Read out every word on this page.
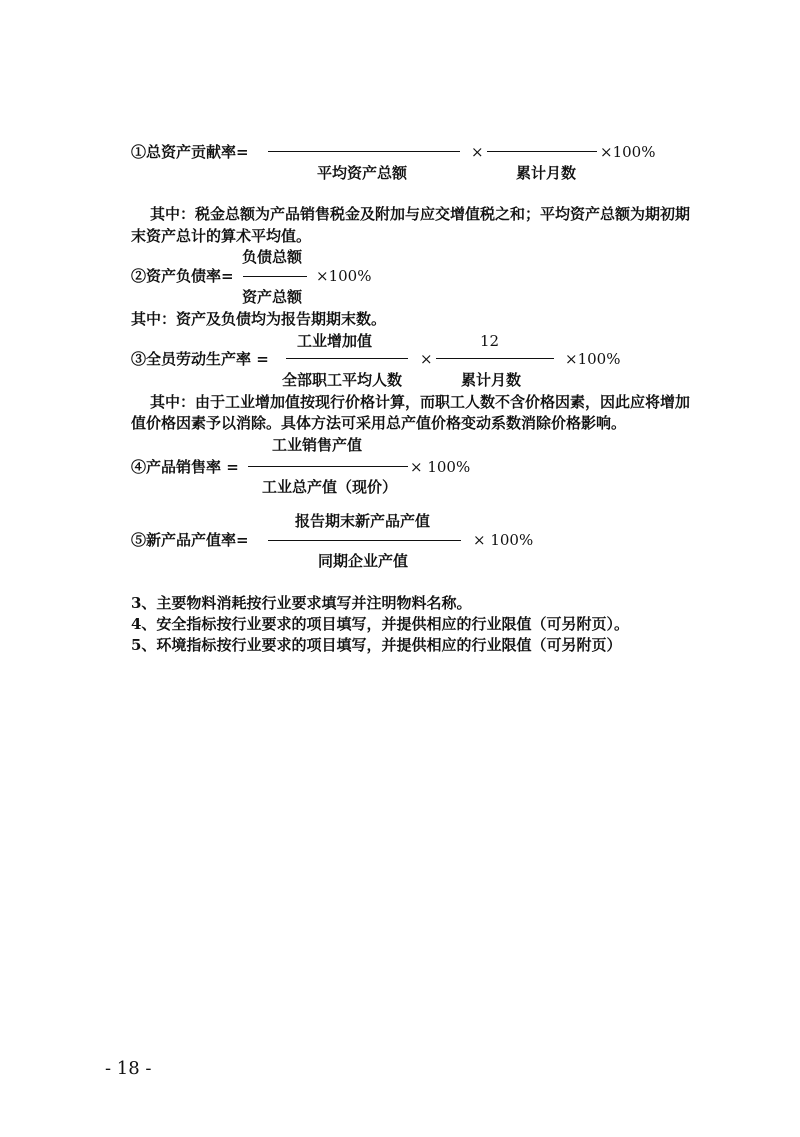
①总资产贡献率=	×	×100%
平均资产总额	累计月数
其中：税金总额为产品销售税金及附加与应交增值税之和；平均资产总额为期初期
末资产总计的算术平均值。
负债总额
②资产负债率=	×100%
资产总额
其中：资产及负债均为报告期期末数。
工业增加值	12
③全员劳动生产率 =	×	×100%
全部职工平均人数	累计月数
其中：由于工业增加值按现行价格计算，而职工人数不含价格因素，因此应将增加
值价格因素予以消除。具体方法可采用总产值价格变动系数消除价格影响。
工业销售产值
④产品销售率 =	× 100%
工业总产值（现价）
报告期末新产品产值
⑤新产品产值率=	× 100%
同期企业产值
3、主要物料消耗按行业要求填写并注明物料名称。
4、安全指标按行业要求的项目填写，并提供相应的行业限值（可另附页）。
5、环境指标按行业要求的项目填写，并提供相应的行业限值（可另附页）
- 18 -
